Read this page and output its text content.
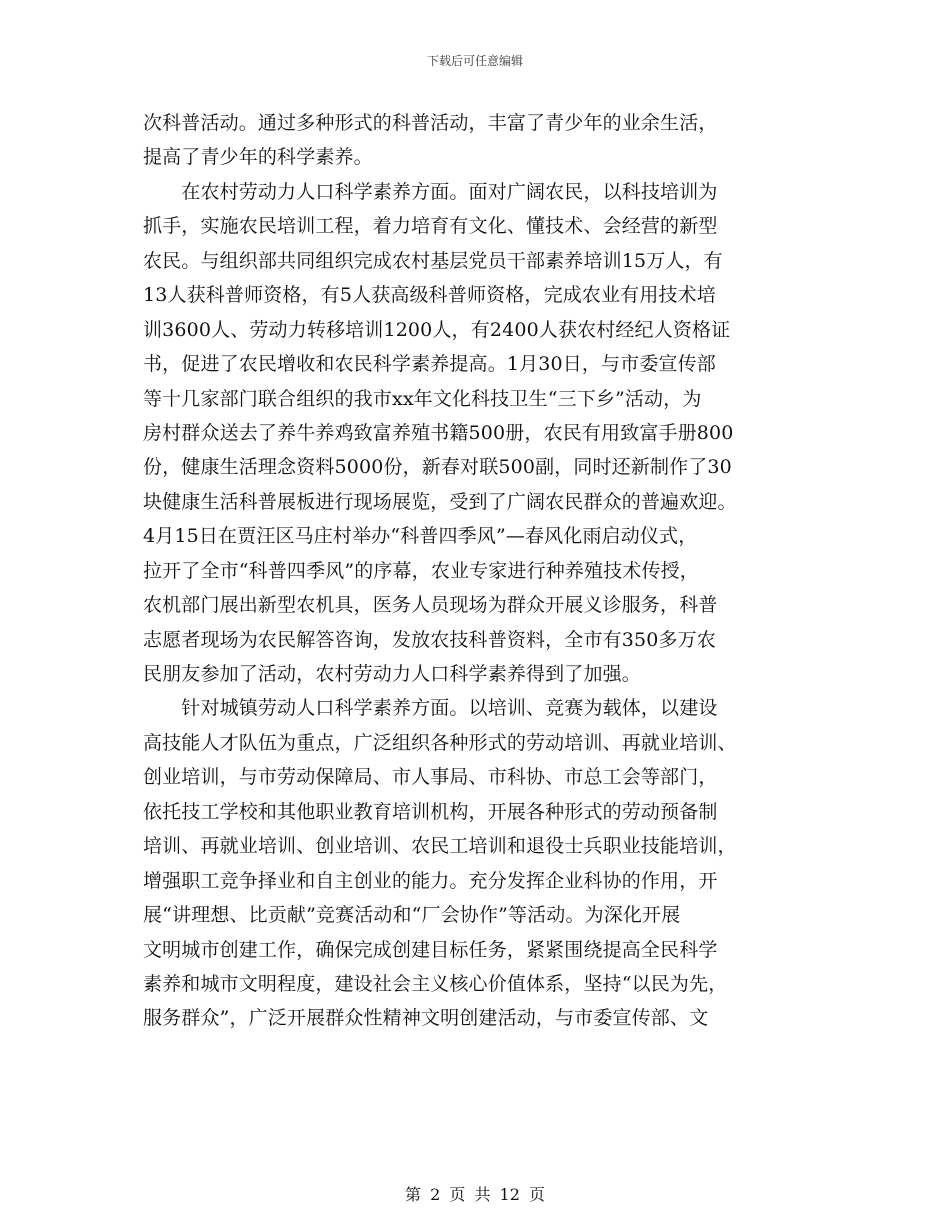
下载后可任意编辑
次科普活动。通过多种形式的科普活动，丰富了青少年的业余生活，
提高了青少年的科学素养。
　　在农村劳动力人口科学素养方面。面对广阔农民，以科技培训为
抓手，实施农民培训工程，着力培育有文化、懂技术、会经营的新型
农民。与组织部共同组织完成农村基层党员干部素养培训15万人，有
13人获科普师资格，有5人获高级科普师资格，完成农业有用技术培
训3600人、劳动力转移培训1200人，有2400人获农村经纪人资格证
书，促进了农民增收和农民科学素养提高。1月30日，与市委宣传部
等十几家部门联合组织的我市xx年文化科技卫生“三下乡”活动，为
房村群众送去了养牛养鸡致富养殖书籍500册，农民有用致富手册800
份，健康生活理念资料5000份，新春对联500副，同时还新制作了30
块健康生活科普展板进行现场展览，受到了广阔农民群众的普遍欢迎。
4月15日在贾汪区马庄村举办“科普四季风”—春风化雨启动仪式，
拉开了全市“科普四季风”的序幕，农业专家进行种养殖技术传授，
农机部门展出新型农机具，医务人员现场为群众开展义诊服务，科普
志愿者现场为农民解答咨询，发放农技科普资料，全市有350多万农
民朋友参加了活动，农村劳动力人口科学素养得到了加强。
　　针对城镇劳动人口科学素养方面。以培训、竞赛为载体，以建设
高技能人才队伍为重点，广泛组织各种形式的劳动培训、再就业培训、
创业培训，与市劳动保障局、市人事局、市科协、市总工会等部门，
依托技工学校和其他职业教育培训机构，开展各种形式的劳动预备制
培训、再就业培训、创业培训、农民工培训和退役士兵职业技能培训，
增强职工竞争择业和自主创业的能力。充分发挥企业科协的作用，开
展“讲理想、比贡献”竞赛活动和“厂会协作”等活动。为深化开展
文明城市创建工作，确保完成创建目标任务，紧紧围绕提高全民科学
素养和城市文明程度，建设社会主义核心价值体系，坚持“以民为先，
服务群众”，广泛开展群众性精神文明创建活动，与市委宣传部、文
第 2 页 共 12 页
